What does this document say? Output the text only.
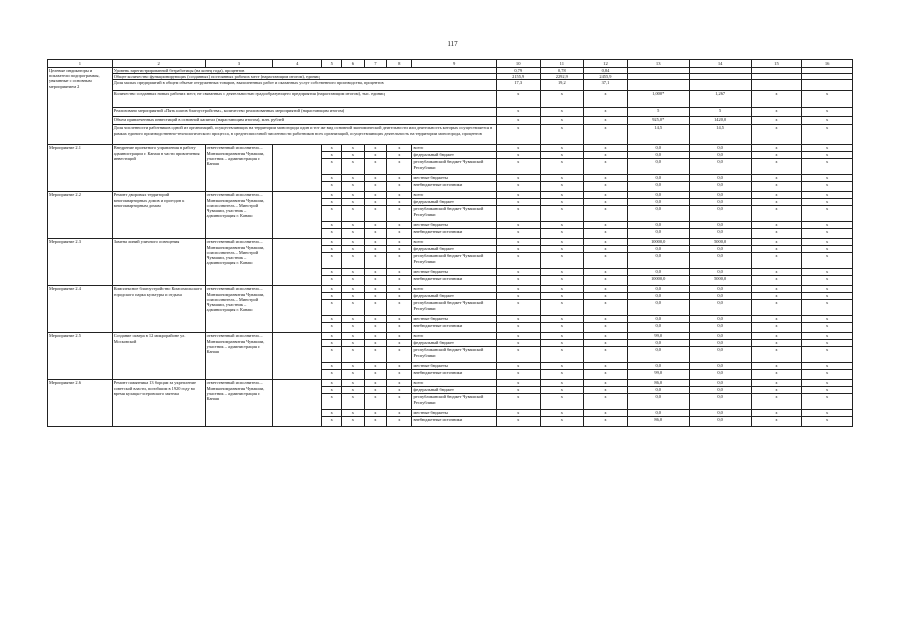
117
1	2	3	4	5	6	7	8	9	10	11	12	13	14	15	16
Целевые индикаторы и показатели подпрограммы, увязанные с основным мероприятием 2	Уровень зарегистрированной безработицы (на конец года), процентов								0,79	0,78	0,84				
	Общее количество функционирующих (созданных) постоянных рабочих мест (нарастающим итогом), единиц								2155,9	2292,9	2455,9				
	Доля малых предприятий в общем объеме отгруженных товаров, выполненных работ и оказанных услуг собственного производства, процентов								17,3	19,2	37,1				
	Количество созданных новых рабочих мест, не связанных с деятельностью градообразующего предприятия (нарастающим итогом), тыс. единиц								x	x	x	1,000*	1,267	x	x
	Реализовано мероприятий «Пять шагов благоустройства», количество реализованных мероприятий (нарастающим итогом)								x	x	x	5	5	x	x
	Объем привлеченных инвестиций в основной капитал (нарастающим итогом), млн. рублей								x	x	x	925,0*	1420,0	x	x
	Доля численности работников одной из организаций, осуществляющих на территории моногорода один и тот же вид основной экономической деятельности или деятельность которых осуществляется в рамках единого производственно-технологического процесса, в среднесписочной численности работников всех организаций, осуществляющих деятельность на территории моногорода, процентов								x	x	x	14,5	14,5	x	x
Мероприятие 2.1	Внедрение проектного управления в работу администрации г. Канаш в части привлечения инвестиций	ответственный исполнитель – Минэкономразвития Чувашии, участник – администрация г. Канаш		x	x	x	x	всего	x	x	x	0,0	0,0	x	x
				x	x	x	x	федеральный бюджет	x	x	x	0,0	0,0	x	x
				x	x	x	x	республиканский бюджет Чувашской Республики	x	x	x	0,0	0,0	x	x
				x	x	x	x	местные бюджеты	x	x	x	0,0	0,0	x	x
				x	x	x	x	внебюджетные источники	x	x	x	0,0	0,0	x	x
Мероприятие 2.2	Ремонт дворовых территорий многоквартирных домов и проездов к многоквартирным домам	ответственный исполнитель – Минэкономразвития Чувашии, соисполнитель – Минстрой Чувашии, участник – администрация г. Канаш		x	x	x	x	всего	x	x	x	0,0	0,0	x	x
				x	x	x	x	федеральный бюджет	x	x	x	0,0	0,0	x	x
				x	x	x	x	республиканский бюджет Чувашской Республики	x	x	x	0,0	0,0	x	x
				x	x	x	x	местные бюджеты	x	x	x	0,0	0,0	x	x
				x	x	x	x	внебюджетные источники	x	x	x	0,0	0,0	x	x
Мероприятие 2.3	Замена линий уличного освещения	ответственный исполнитель – Минэкономразвития Чувашии, соисполнитель – Минстрой Чувашии, участник – администрация г. Канаш		x	x	x	x	всего	x	x	x	10000,0	5000,0	x	x
				x	x	x	x	федеральный бюджет	x	x	x	0,0	0,0	x	x
				x	x	x	x	республиканский бюджет Чувашской Республики	x	x	x	0,0	0,0	x	x
				x	x	x	x	местные бюджеты	x	x	x	0,0	0,0	x	x
				x	x	x	x	внебюджетные источники	x	x	x	10000,0	5000,0	x	x
Мероприятие 2.4	Комплексное благоустройство Комсомольского городского парка культуры и отдыха	ответственный исполнитель – Минэкономразвития Чувашии, соисполнитель – Минстрой Чувашии, участник – администрация г. Канаш		x	x	x	x	всего	x	x	x	0,0	0,0	x	x
				x	x	x	x	федеральный бюджет	x	x	x	0,0	0,0	x	x
				x	x	x	x	республиканский бюджет Чувашской Республики	x	x	x	0,0	0,0	x	x
				x	x	x	x	местные бюджеты	x	x	x	0,0	0,0	x	x
				x	x	x	x	внебюджетные источники	x	x	x	0,0	0,0	x	x
Мероприятие 2.5	Создание сквера в 12 микрорайоне ул. Московской	ответственный исполнитель – Минэкономразвития Чувашии, участник – администрация г. Канаш		x	x	x	x	всего	x	x	x	99,0	0,0	x	x
				x	x	x	x	федеральный бюджет	x	x	x	0,0	0,0	x	x
				x	x	x	x	республиканский бюджет Чувашской Республики	x	x	x	0,0	0,0	x	x
				x	x	x	x	местные бюджеты	x	x	x	0,0	0,0	x	x
				x	x	x	x	внебюджетные источники	x	x	x	99,0	0,0	x	x
Мероприятие 2.6	Ремонт памятника 13 борцам за укрепление советской власти, погибшим в 1920 году во время кулацко-эсеровского мятежа	ответственный исполнитель – Минэкономразвития Чувашии, участник – администрация г. Канаш		x	x	x	x	всего	x	x	x	86,0	0,0	x	x
				x	x	x	x	федеральный бюджет	x	x	x	0,0	0,0	x	x
				x	x	x	x	республиканский бюджет Чувашской Республики	x	x	x	0,0	0,0	x	x
				x	x	x	x	местные бюджеты	x	x	x	0,0	0,0	x	x
				x	x	x	x	внебюджетные источники	x	x	x	86,0	0,0	x	x
